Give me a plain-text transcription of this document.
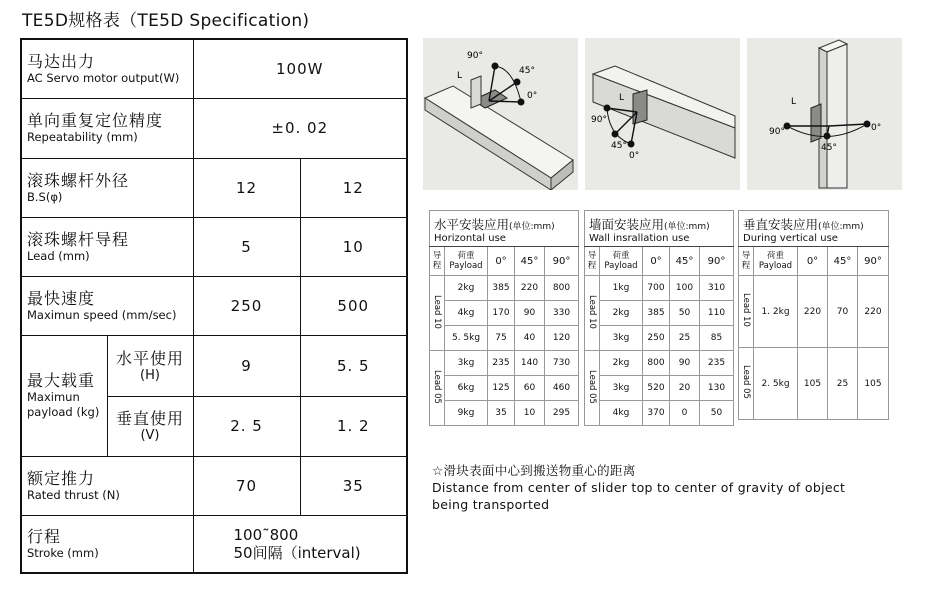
TE5D规格表（TE5D Specification)
马达出力
AC Servo motor output(W)		100W	

单向重复定位精度
Repeatability (mm)		±0. 02	

滚珠螺杆外径
B.S(φ)		12	12

滚珠螺杆导程
Lead (mm)		5	10

最快速度
Maximun speed (mm/sec)		250	500

最大载重
Maximun
payload (kg)	水平使用
(H)	9	5. 5

	垂直使用
(V)	2. 5	1. 2

额定推力
Rated thrust (N)		70	35

行程
Stroke (mm)		100˜800
50间隔（interval)	
90°
45°
0°
L
90°
45°
0°
L
90°
45°
0°
L
水平安装应用(单位:mm)
Horizontal use				

导程	荷重
Payload	0°	45°	90°
Lead 10	2kg	385	220	800
	4kg	170	90	330
	5. 5kg	75	40	120
Lead 05	3kg	235	140	730
	6kg	125	60	460
	9kg	35	10	295
墙面安装应用(单位:mm)
Wall insrallation use				

导程	荷重
Payload	0°	45°	90°
Lead 10	1kg	700	100	310
	2kg	385	50	110
	3kg	250	25	85
Lead 05	2kg	800	90	235
	3kg	520	20	130
	4kg	370	0	50
垂直安装应用(单位:mm)
During vertical use				

导程	荷重
Payload	0°	45°	90°
Lead 10	1. 2kg	220	70	220
Lead 05	2. 5kg	105	25	105
☆滑块表面中心到搬送物重心的距离
Distance from center of slider top to center of gravity of object
being transported
